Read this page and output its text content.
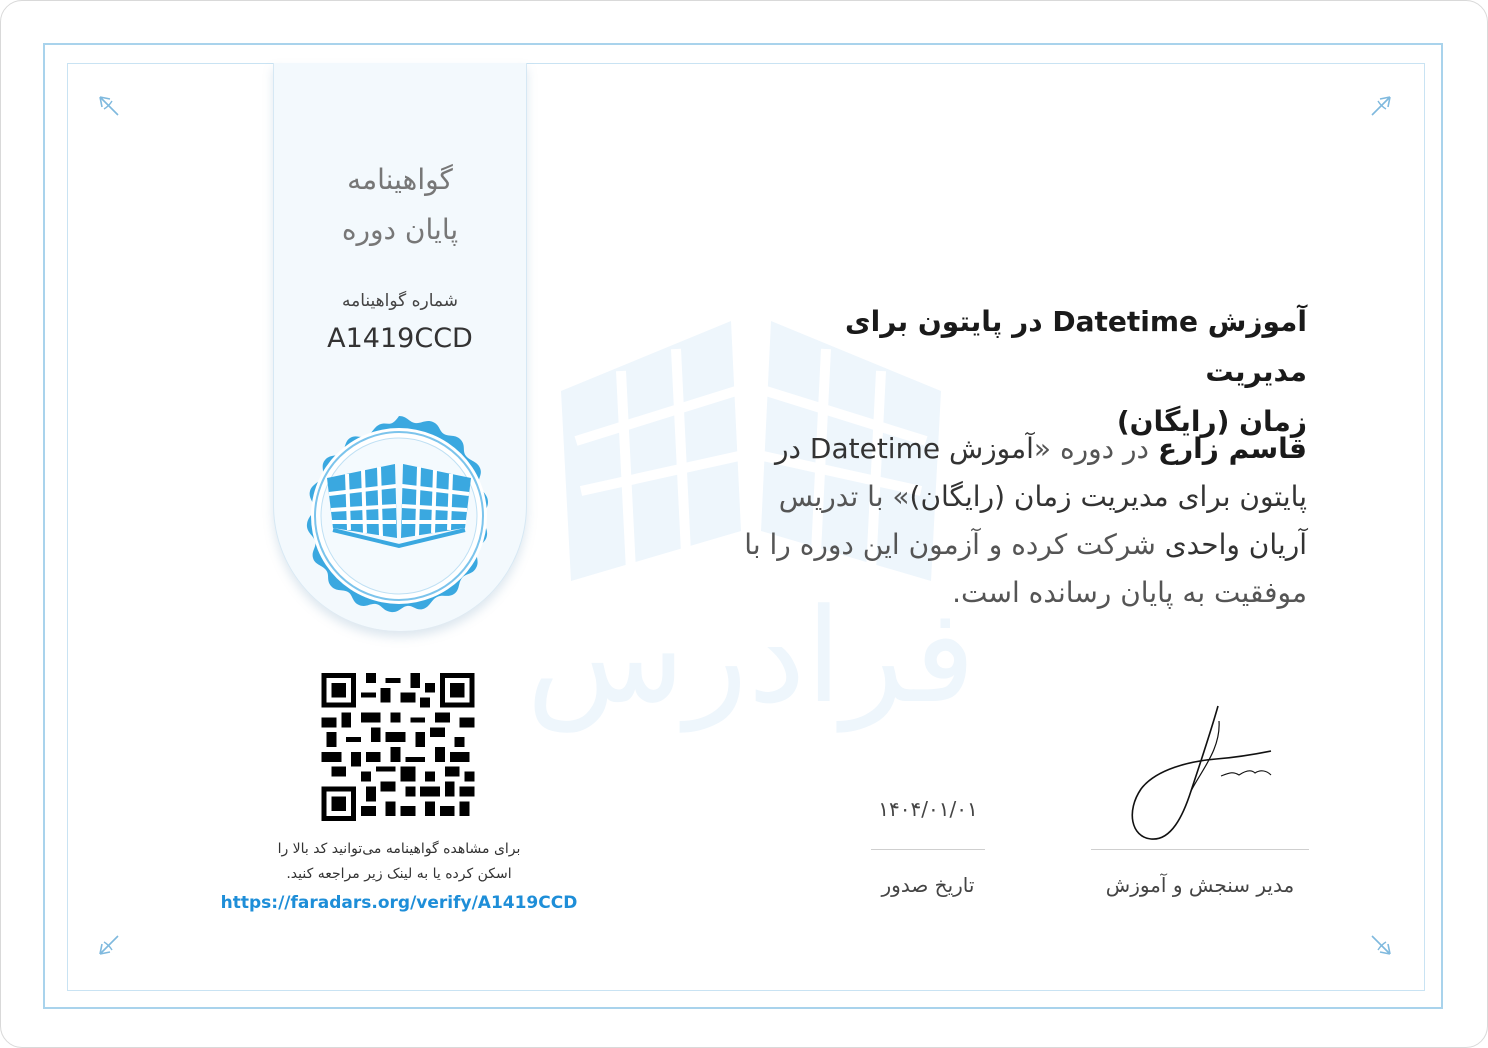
فرادرس
گواهینامه
پایان دوره
شماره گواهینامه
A1419CCD
برای مشاهده گواهینامه می‌توانید کد بالا را
اسکن کرده یا به لینک زیر مراجعه کنید.
https://faradars.org/verify/A1419CCD
آموزش Datetime در پایتون برای مدیریت
زمان (رایگان)
قاسم زارع در دوره «آموزش Datetime در
پایتون برای مدیریت زمان (رایگان)» با تدریس
آریان واحدی شرکت کرده و آزمون این دوره را با
موفقیت به پایان رسانده است.
۱۴۰۴/۰۱/۰۱
تاریخ صدور	مدیر سنجش و آموزش
